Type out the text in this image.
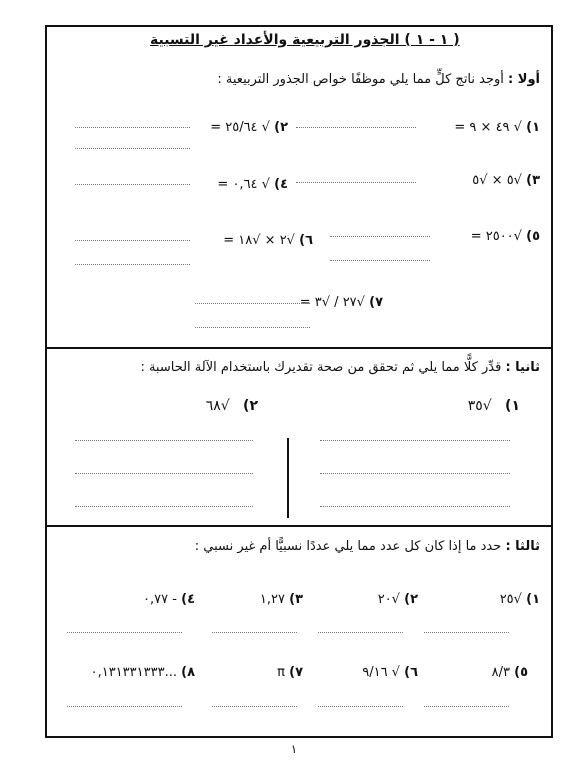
( ١ - ١ ) الجذور التربيعية والأعداد غير التسبية
أولا : أوجد ناتج كلٍّ مما يلي موظفًا خواص الجذور التربيعية :
١) √ ٤٩ × ٩ =
٢) √ ٢٥/٦٤ =
٣) √٥ × √٥
٤) √ ٠,٦٤ =
٥) √٢٥٠٠ =
٦) √٢ × √١٨ =
٧) √٢٧ / √٣ =
ثانيا : قدِّر كلًّا مما يلي ثم تحقق من صحة تقديرك باستخدام الآلة الحاسبة :
١)   √٣٥
٢)   √٦٨
ثالثا : حدد ما إذا كان كل عدد مما يلي عددًا نسبيًّا أم غير نسبي :
١) √٢٥
٢) √٢٠
٣) ١,٢٧
٤) - ٠,٧٧
٥) ٨/٣
٦) √ ٩/١٦
٧) π
٨) ...٠,١٣١٣٣١٣٣٣
١
